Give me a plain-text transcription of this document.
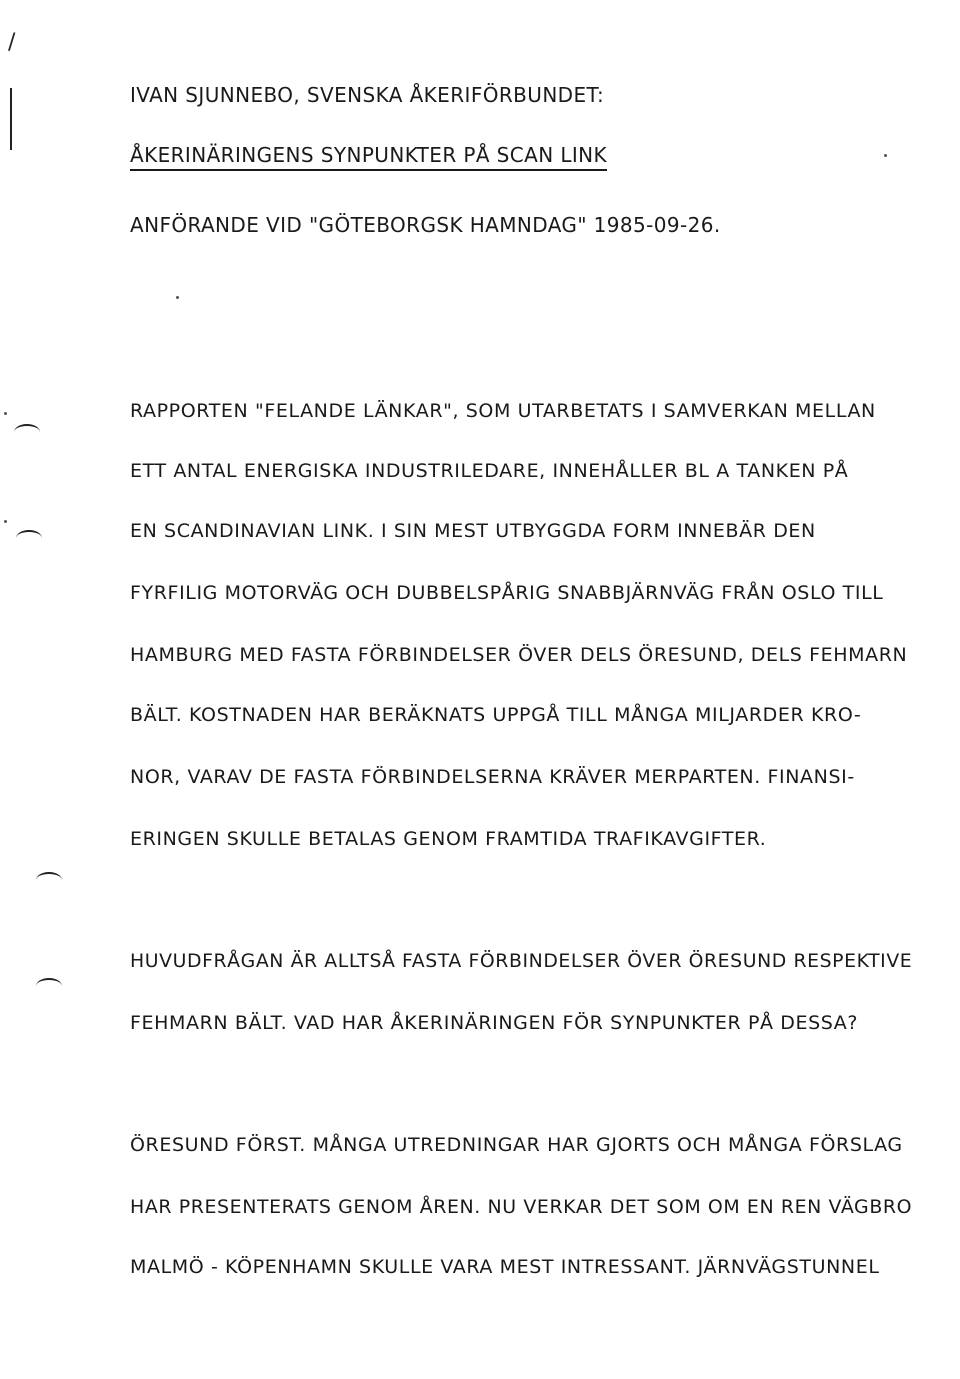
/
IVAN SJUNNEBO, SVENSKA ÅKERIFÖRBUNDET:
ÅKERINÄRINGENS SYNPUNKTER PÅ SCAN LINK
ANFÖRANDE VID "GÖTEBORGSK HAMNDAG" 1985-09-26.
RAPPORTEN "FELANDE LÄNKAR", SOM UTARBETATS I SAMVERKAN MELLAN
ETT ANTAL ENERGISKA INDUSTRILEDARE, INNEHÅLLER BL A TANKEN PÅ
EN SCANDINAVIAN LINK. I SIN MEST UTBYGGDA FORM INNEBÄR DEN
FYRFILIG MOTORVÄG OCH DUBBELSPÅRIG SNABBJÄRNVÄG FRÅN OSLO TILL
HAMBURG MED FASTA FÖRBINDELSER ÖVER DELS ÖRESUND, DELS FEHMARN
BÄLT. KOSTNADEN HAR BERÄKNATS UPPGÅ TILL MÅNGA MILJARDER KRO-
NOR, VARAV DE FASTA FÖRBINDELSERNA KRÄVER MERPARTEN. FINANSI-
ERINGEN SKULLE BETALAS GENOM FRAMTIDA TRAFIKAVGIFTER.
HUVUDFRÅGAN ÄR ALLTSÅ FASTA FÖRBINDELSER ÖVER ÖRESUND RESPEKTIVE
FEHMARN BÄLT. VAD HAR ÅKERINÄRINGEN FÖR SYNPUNKTER PÅ DESSA?
ÖRESUND FÖRST. MÅNGA UTREDNINGAR HAR GJORTS OCH MÅNGA FÖRSLAG
HAR PRESENTERATS GENOM ÅREN. NU VERKAR DET SOM OM EN REN VÄGBRO
MALMÖ - KÖPENHAMN SKULLE VARA MEST INTRESSANT. JÄRNVÄGSTUNNEL
